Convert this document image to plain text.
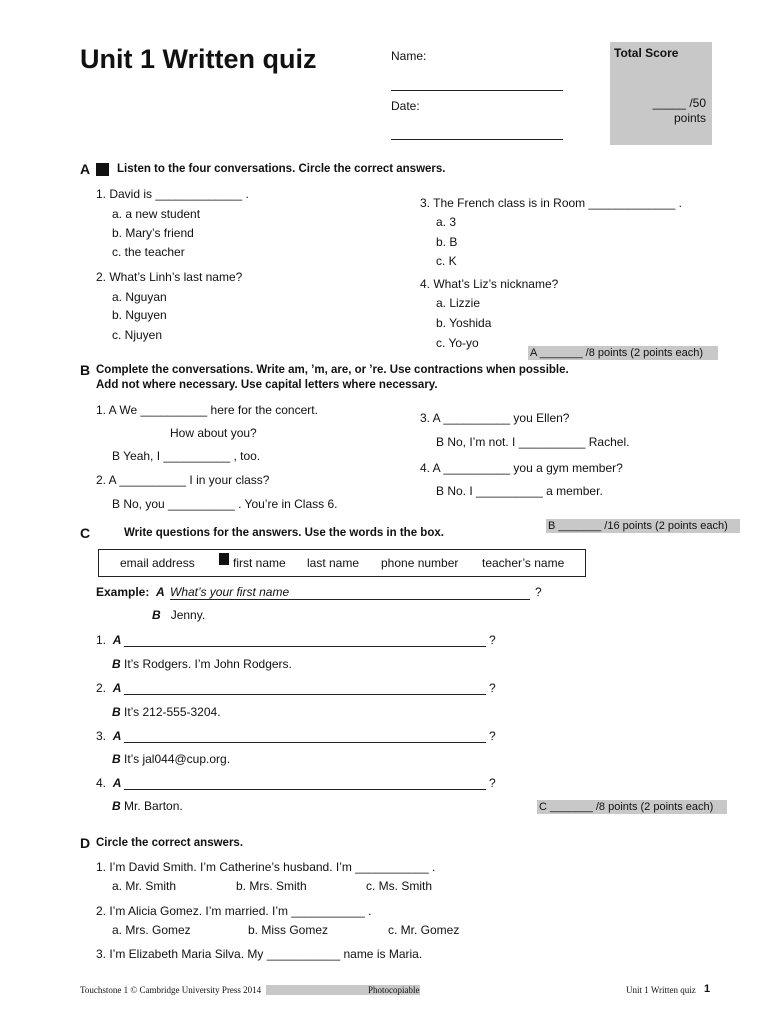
Unit 1 Written quiz	Name:
Date:
Total Score
_____ /50
points
A Listen to the four conversations. Circle the correct answers.
1. David is _____________ .
a. a new student
b. Mary’s friend
c. the teacher
2. What’s Linh’s last name?
a. Nguyan
b. Nguyen
c. Njuyen
3. The French class is in Room _____________ .
a. 3
b. B
c. K
4. What’s Liz’s nickname?
a. Lizzie
b. Yoshida
c. Yo-yo
A _______ /8 points (2 points each)
B Complete the conversations. Write am, ’m, are, or ’re. Use contractions when possible.
Add not where necessary. Use capital letters where necessary.
1. A We __________ here for the concert.
How about you?
B Yeah, I __________ , too.
2. A __________ I in your class?
B No, you __________ . You’re in Class 6.
3. A __________ you Ellen?
B No, I’m not. I __________ Rachel.
4. A __________ you a gym member?
B No. I __________ a member.
B _______ /16 points (2 points each)
C	Write questions for the answers. Use the words in the box.
email address	first name last name phone number teacher’s name
Example: A What’s your first name	?
B Jenny.
1.  A	?
B It’s Rodgers. I’m John Rodgers.
2.  A	?
B It’s 212-555-3204.
3.  A	?
B It’s jal044@cup.org.
4.  A	?
B Mr. Barton.	C _______ /8 points (2 points each)
D Circle the correct answers.
1. I’m David Smith. I’m Catherine’s husband. I’m ___________ .
a. Mr. Smith	b. Mrs. Smith	c. Ms. Smith
2. I’m Alicia Gomez. I’m married. I’m ___________ .
a. Mrs. Gomez	b. Miss Gomez	c. Mr. Gomez
3. I’m Elizabeth Maria Silva. My ___________ name is Maria.
Touchstone 1 © Cambridge University Press 2014	Photocopiable	Unit 1 Written quiz 1
